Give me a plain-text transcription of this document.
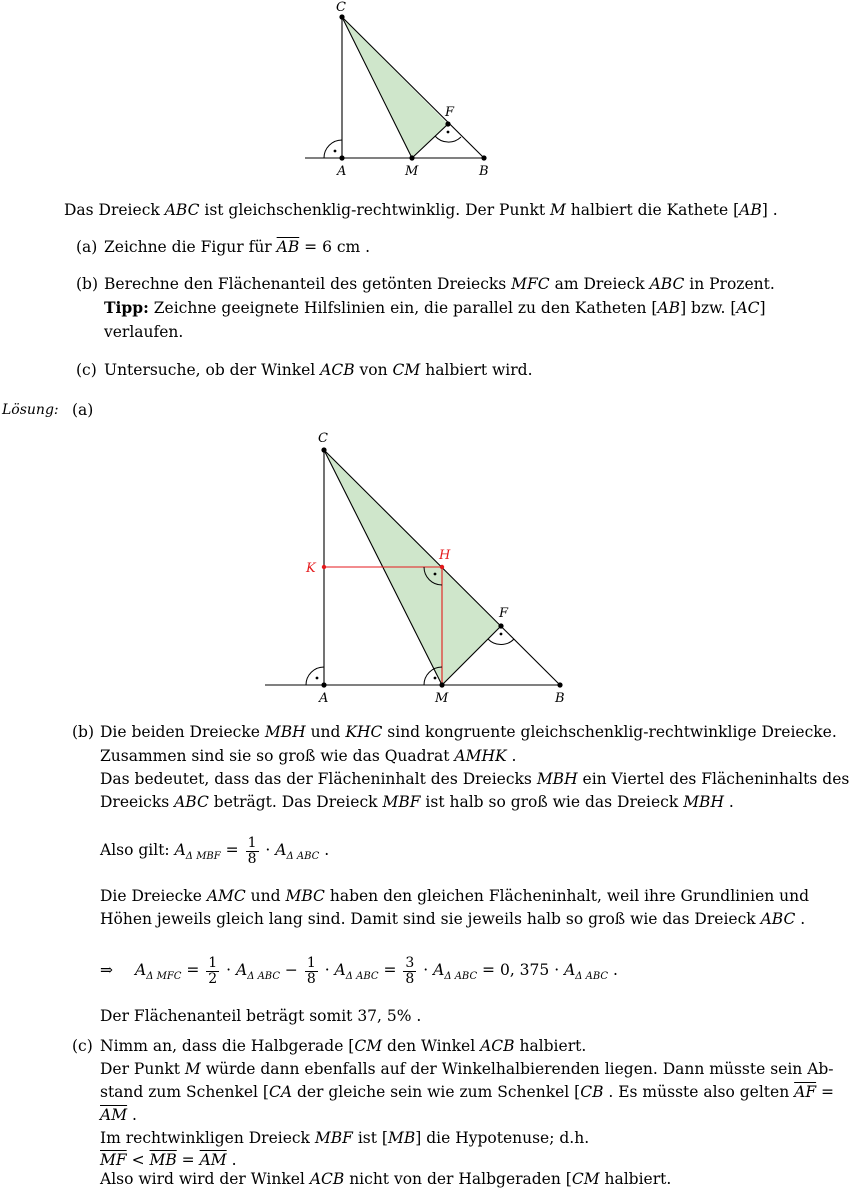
C
A	M	B
F
Das Dreieck ABC ist gleichschenklig-rechtwinklig. Der Punkt M halbiert die Kathete [AB] .
(a) Zeichne die Figur für $\overline{AB} = 6$ cm .
(b) Berechne den Flächenanteil des getönten Dreiecks MFC am Dreieck ABC in Prozent.
Tipp: Zeichne geeignete Hilfslinien ein, die parallel zu den Katheten [AB] bzw. [AC]
verlaufen.
(c) Untersuche, ob der Winkel ACB von CM halbiert wird.
Lösung: (a)
C
A	M	B
F
H
K
(b) Die beiden Dreiecke MBH und KHC sind kongruente gleichschenklig-rechtwinklige Dreiecke.
Zusammen sind sie so groß wie das Quadrat AMHK .
Das bedeutet, dass das der Flächeninhalt des Dreiecks MBH ein Viertel des Flächeninhalts des
Dreeicks ABC beträgt. Das Dreieck MBF ist halb so groß wie das Dreieck MBH .
Also gilt: $A_{\Delta MBF} = \frac{1}{8} \cdot A_{\Delta ABC}$ .
Die Dreiecke AMC und MBC haben den gleichen Flächeninhalt, weil ihre Grundlinien und
Höhen jeweils gleich lang sind. Damit sind sie jeweils halb so groß wie das Dreieck ABC .
⇒ $A_{\Delta MFC} = \frac{1}{2} \cdot A_{\Delta ABC} - \frac{1}{8} \cdot A_{\Delta ABC} = \frac{3}{8} \cdot A_{\Delta ABC} = 0$, $375 \cdot A_{\Delta ABC}$ .
Der Flächenanteil beträgt somit 37, 5% .
(c) Nimm an, dass die Halbgerade [CM den Winkel ACB halbiert.
Der Punkt M würde dann ebenfalls auf der Winkelhalbierenden liegen. Dann müsste sein Ab-
stand zum Schenkel [CA der gleiche sein wie zum Schenkel [CB . Es müsste also gelten $\overline{AF}$ =
$\overline{AM}$ .
Im rechtwinkligen Dreieck MBF ist [MB] die Hypotenuse; d.h.
$\overline{MF} < \overline{MB} = \overline{AM}$ .
Also wird wird der Winkel ACB nicht von der Halbgeraden [CM halbiert.
